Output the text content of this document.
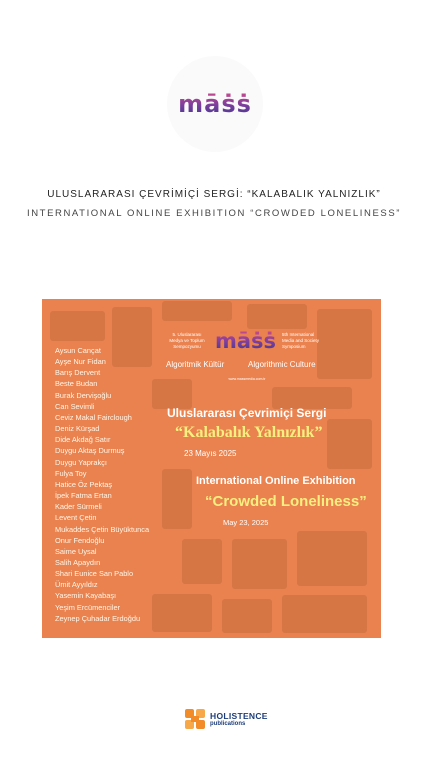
māṡṡ
ULUSLARARASI ÇEVRİMİÇİ SERGİ: “KALABALIK YALNIZLIK”
INTERNATIONAL ONLINE EXHIBITION “CROWDED LONELINESS”
Aysun Cançat
Ayşe Nur Fidan
Barış Dervent
Beste Budan
Burak Dervişoğlu
Can Sevimli
Ceviz Makal Fairclough
Deniz Kürşad
Dide Akdağ Satır
Duygu Aktaş Durmuş
Duygu Yaprakçı
Fulya Toy
Hatice Öz Pektaş
İpek Fatma Ertan
Kader Sürmeli
Levent Çetin
Mukaddes Çetin Büyüktunca
Onur Fendoğlu
Saime Uysal
Salih Apaydın
Shari Eunice San Pablo
Ümit Ayyıldız
Yasemin Kayabaşı
Yeşim Ercümenciler
Zeynep Çuhadar Erdoğdu
5. Uluslararası Medya ve Toplum Sempozyumu māṡṡ 5th International Media and Society Symposium
Algoritmik Kültür	Algorithmic Culture
www.massmedia.com.tr
Uluslararası Çevrimiçi Sergi
“Kalabalık Yalnızlık”
23 Mayıs 2025
International Online Exhibition
“Crowded Loneliness”
May 23, 2025
HOLISTENCE
publications
